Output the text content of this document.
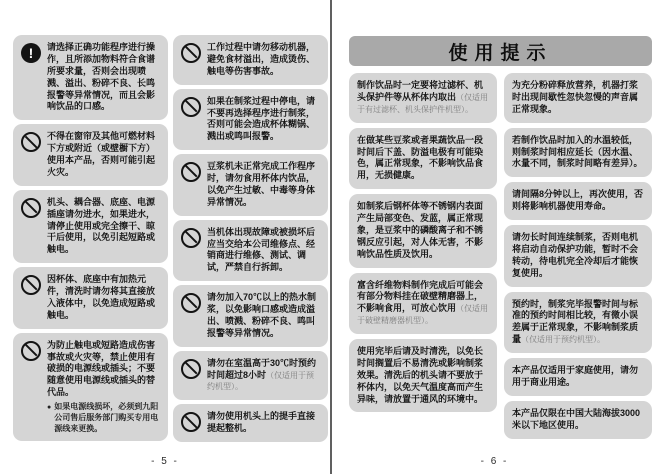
! 请选择正确功能程序进行操作，且所添加物料符合食谱所要求量，否则会出现喷溅、溢出、粉碎不良、长鸣报警等异常情况，而且会影响饮品的口感。
不得在窗帘及其他可燃材料下方或附近（或壁橱下方）使用本产品，否则可能引起火灾。
机头、耦合器、底座、电源插座请勿进水，如果进水，请停止使用或完全擦干、晾干后使用，以免引起短路或触电。
因杯体、底座中有加热元件，清洗时请勿将其直接放入液体中，以免造成短路或触电。
为防止触电或短路造成伤害事故或火灾等，禁止使用有破损的电源线或插头；不要随意使用电源线或插头的替代品。
● 如果电源线损坏，必须到九阳公司售后服务部门购买专用电源线来更换。
工作过程中请勿移动机器，避免食材溢出，造成烫伤、触电等伤害事故。
如果在制浆过程中停电，请不要再选择程序进行制浆，否则可能会造成杯体糊锅、溅出或鸣叫报警。
豆浆机未正常完成工作程序时，请勿食用杯体内饮品，以免产生过敏、中毒等身体异常情况。
当机体出现故障或被损坏后应当交给本公司维修点、经销商进行维修、测试、调试，严禁自行拆卸。
请勿加入70℃以上的热水制浆，以免影响口感或造成溢出、喷溅、粉碎不良、鸣叫报警等异常情况。
请勿在室温高于30℃时预约时间超过8小时（仅适用于预约机型）。
请勿使用机头上的提手直接提起整机。
- 5 -
使用提示
制作饮品时一定要将过滤杯、机头保护件等从杯体内取出（仅适用于有过滤杯、机头保护件机型）。
在做某些豆浆或者果蔬饮品一段时间后下盖、防溢电极有可能染色，属正常现象，不影响饮品食用，无损健康。
如制浆后钢杯体等不锈钢内表面产生局部变色、发蓝，属正常现象，是豆浆中的磷酸离子和不锈钢反应引起，对人体无害，不影响饮品性质及饮用。
富含纤维物料制作完成后可能会有部分物料挂在破壁精磨器上，不影响食用，可放心饮用（仅适用于破壁精磨器机型）。
使用完毕后请及时清洗，以免长时间搁置后不易清洗或影响制浆效果。清洗后的机头请不要放于杯体内，以免天气温度高而产生异味，请放置于通风的环境中。
为充分粉碎释放营养，机器打浆时出现间歇性忽快忽慢的声音属正常现象。
若制作饮品时加入的水温较低，则制浆时间相应延长（因水温、水量不同，制浆时间略有差异）。
请间隔8分钟以上，再次使用，否则将影响机器使用寿命。
请勿长时间连续制浆，否则电机将启动自动保护功能，暂时不会转动，待电机完全冷却后才能恢复使用。
预约时，制浆完毕报警时间与标准的预约时间相比较，有微小误差属于正常现象，不影响制浆质量（仅适用于预约机型）。
本产品仅适用于家庭使用，请勿用于商业用途。
本产品仅限在中国大陆海拔3000米以下地区使用。
- 6 -
